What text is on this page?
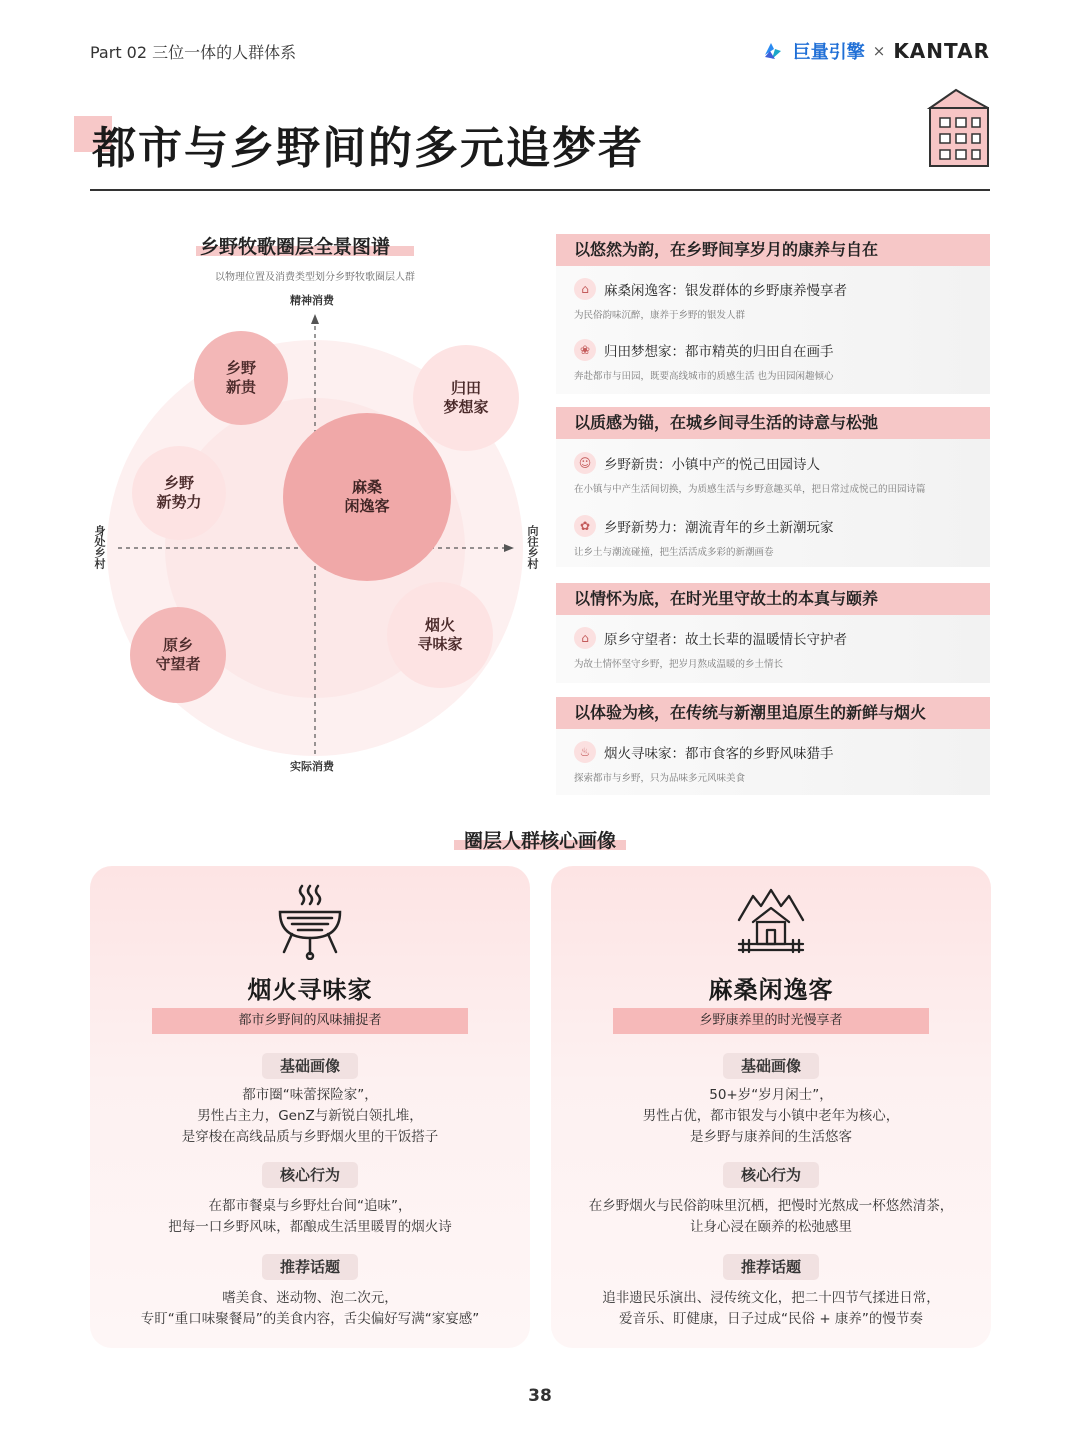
Part 02 三位一体的人群体系	巨量引擎 × KANTAR
都市与乡野间的多元追梦者
乡野牧歌圈层全景图谱
以物理位置及消费类型划分乡野牧歌圈层人群
精神消费
实际消费
身处乡村	向往乡村
乡野
新贵	归田
梦想家
乡野
新势力
麻桑
闲逸客
原乡
守望者
烟火
寻味家
以悠然为韵，在乡野间享岁月的康养与自在
⌂	麻桑闲逸客：银发群体的乡野康养慢享者
为民俗韵味沉醉，康养于乡野的银发人群
❀	归田梦想家：都市精英的归田自在画手
奔赴都市与田园，既要高线城市的质感生活 也为田园闲趣倾心
以质感为锚，在城乡间寻生活的诗意与松弛
☺ 乡野新贵：小镇中产的悦己田园诗人
在小镇与中产生活间切换，为质感生活与乡野意趣买单，把日常过成悦己的田园诗篇
✿	乡野新势力：潮流青年的乡土新潮玩家
让乡土与潮流碰撞，把生活活成多彩的新潮画卷
以情怀为底，在时光里守故土的本真与颐养
⌂	原乡守望者：故土长辈的温暖情长守护者
为故土情怀坚守乡野，把岁月熬成温暖的乡土情长
以体验为核，在传统与新潮里追原生的新鲜与烟火
♨	烟火寻味家：都市食客的乡野风味猎手
探索都市与乡野，只为品味多元风味美食
圈层人群核心画像
烟火寻味家
都市乡野间的风味捕捉者
基础画像
都市圈“味蕾探险家”，
男性占主力，GenZ与新锐白领扎堆，
是穿梭在高线品质与乡野烟火里的干饭搭子
核心行为
在都市餐桌与乡野灶台间“追味”，
把每一口乡野风味，都酿成生活里暖胃的烟火诗
推荐话题
嗜美食、迷动物、泡二次元，
专盯“重口味聚餐局”的美食内容，舌尖偏好写满“家宴感”
麻桑闲逸客
乡野康养里的时光慢享者
基础画像
50+岁“岁月闲士”，
男性占优，都市银发与小镇中老年为核心，
是乡野与康养间的生活悠客
核心行为
在乡野烟火与民俗韵味里沉栖，把慢时光熬成一杯悠然清茶，
让身心浸在颐养的松弛感里
推荐话题
追非遗民乐演出、浸传统文化，把二十四节气揉进日常，
爱音乐、盯健康，日子过成“民俗 + 康养”的慢节奏
38
